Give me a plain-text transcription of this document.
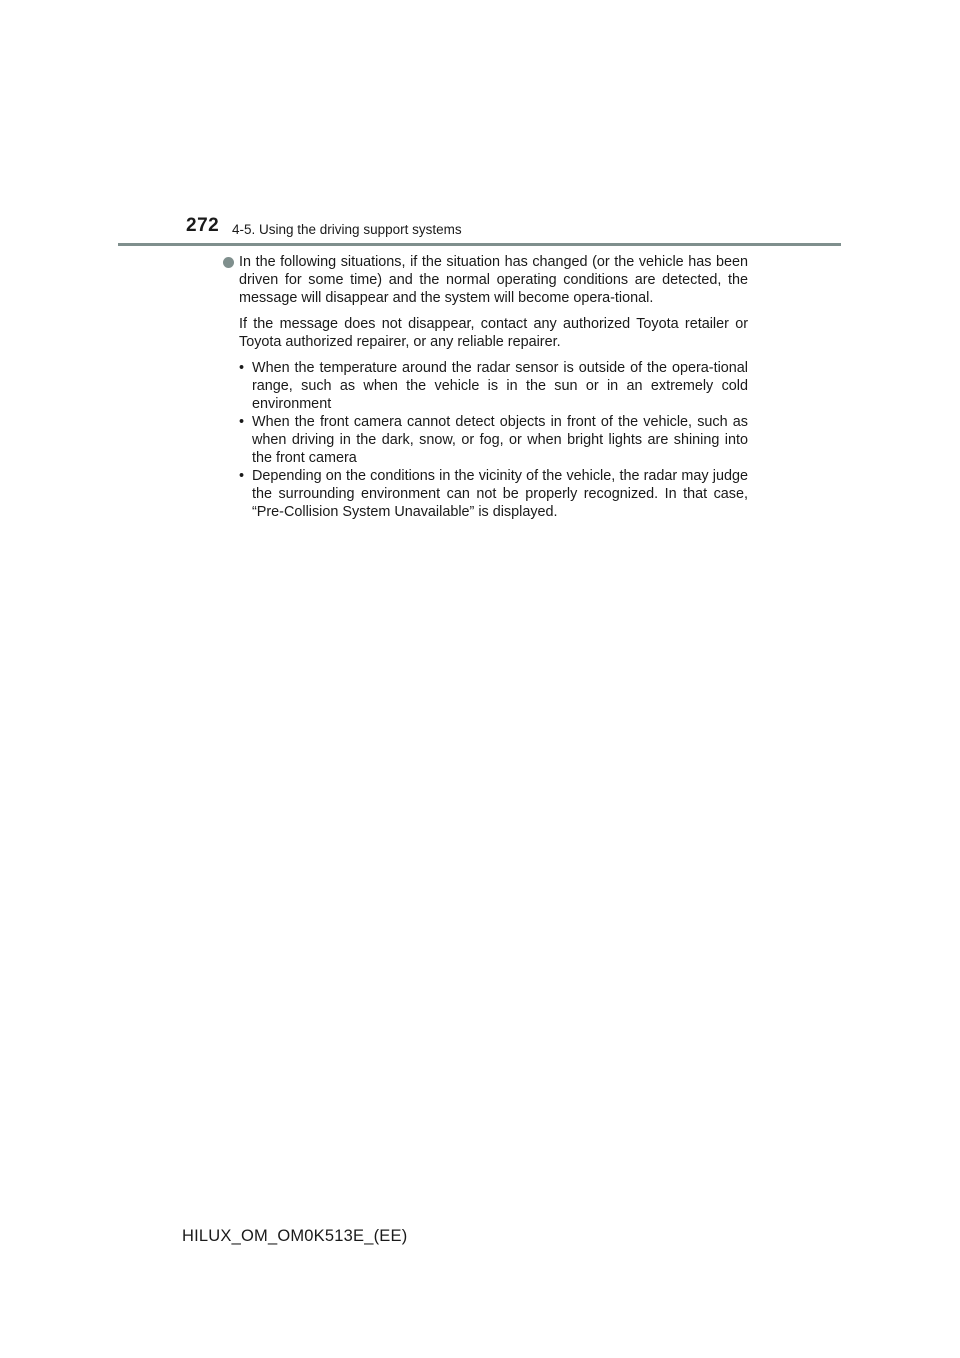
272 4-5. Using the driving support systems

In the following situations, if the situation has changed (or the vehicle has been driven for some time) and the normal operating conditions are detected, the message will disappear and the system will become opera-tional.

If the message does not disappear, contact any authorized Toyota retailer or Toyota authorized repairer, or any reliable repairer.

• When the temperature around the radar sensor is outside of the opera-tional range, such as when the vehicle is in the sun or in an extremely cold environment
• When the front camera cannot detect objects in front of the vehicle, such as when driving in the dark, snow, or fog, or when bright lights are shining into the front camera
• Depending on the conditions in the vicinity of the vehicle, the radar may judge the surrounding environment can not be properly recognized. In that case, “Pre-Collision System Unavailable” is displayed.
HILUX_OM_OM0K513E_(EE)
